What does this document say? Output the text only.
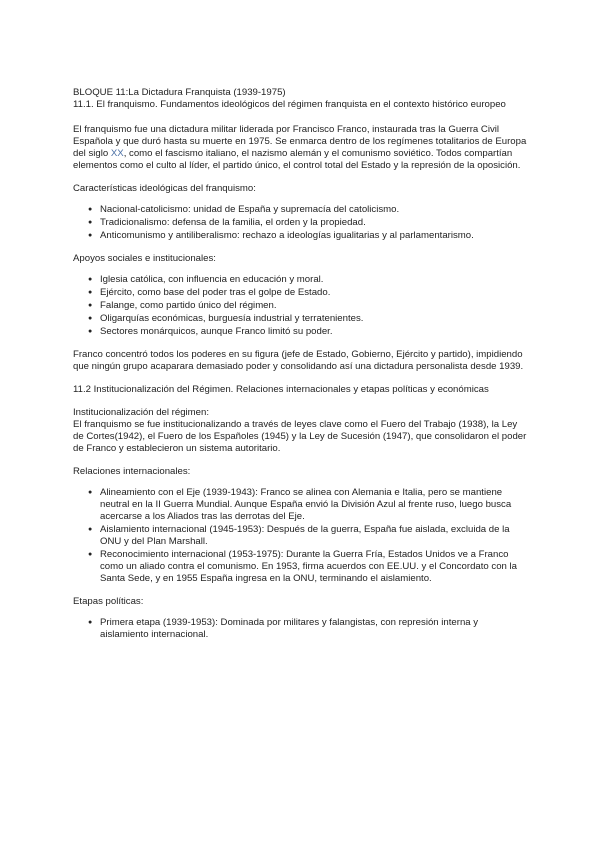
BLOQUE 11:La Dictadura Franquista (1939-1975)

11.1. El franquismo. Fundamentos ideológicos del régimen franquista en el contexto histórico europeo

El franquismo fue una dictadura militar liderada por Francisco Franco, instaurada tras la Guerra Civil Española y que duró hasta su muerte en 1975. Se enmarca dentro de los regímenes totalitarios de Europa del siglo XX, como el fascismo italiano, el nazismo alemán y el comunismo soviético. Todos compartían elementos como el culto al líder, el partido único, el control total del Estado y la represión de la oposición.

Características ideológicas del franquismo:

● Nacional-catolicismo: unidad de España y supremacía del catolicismo.
● Tradicionalismo: defensa de la familia, el orden y la propiedad.
● Anticomunismo y antiliberalismo: rechazo a ideologías igualitarias y al parlamentarismo.

Apoyos sociales e institucionales:

● Iglesia católica, con influencia en educación y moral.
● Ejército, como base del poder tras el golpe de Estado.
● Falange, como partido único del régimen.
● Oligarquías económicas, burguesía industrial y terratenientes.
● Sectores monárquicos, aunque Franco limitó su poder.

Franco concentró todos los poderes en su figura (jefe de Estado, Gobierno, Ejército y partido), impidiendo que ningún grupo acaparara demasiado poder y consolidando así una dictadura personalista desde 1939.

11.2 Institucionalización del Régimen. Relaciones internacionales y etapas políticas y económicas

Institucionalización del régimen:

El franquismo se fue institucionalizando a través de leyes clave como el Fuero del Trabajo (1938), la Ley de Cortes(1942), el Fuero de los Españoles (1945) y la Ley de Sucesión (1947), que consolidaron el poder de Franco y establecieron un sistema autoritario.

Relaciones internacionales:

● Alineamiento con el Eje (1939-1943): Franco se alinea con Alemania e Italia, pero se mantiene neutral en la II Guerra Mundial. Aunque España envió la División Azul al frente ruso, luego busca acercarse a los Aliados tras las derrotas del Eje.
● Aislamiento internacional (1945-1953): Después de la guerra, España fue aislada, excluida de la ONU y del Plan Marshall.
● Reconocimiento internacional (1953-1975): Durante la Guerra Fría, Estados Unidos ve a Franco como un aliado contra el comunismo. En 1953, firma acuerdos con EE.UU. y el Concordato con la Santa Sede, y en 1955 España ingresa en la ONU, terminando el aislamiento.

Etapas políticas:

● Primera etapa (1939-1953): Dominada por militares y falangistas, con represión interna y aislamiento internacional.
